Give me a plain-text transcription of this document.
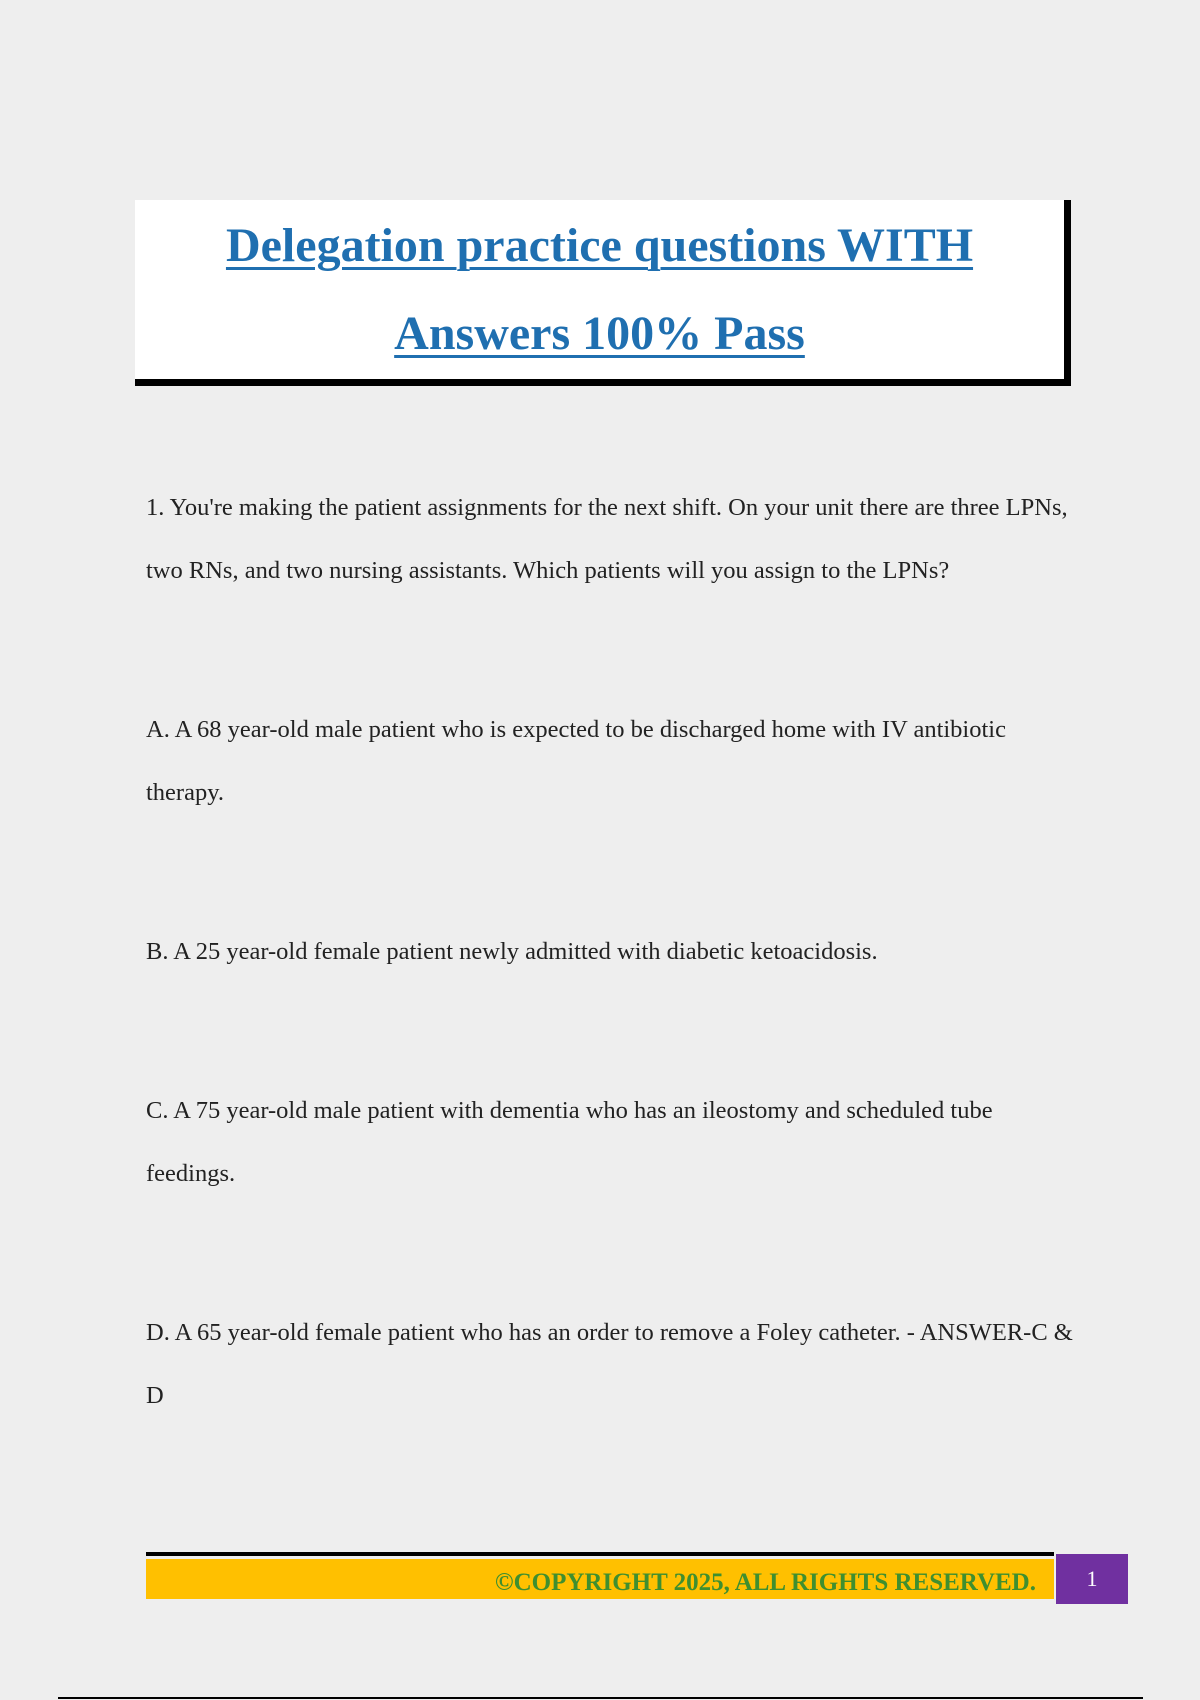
Delegation practice questions WITH
Answers 100% Pass

1. You're making the patient assignments for the next shift. On your unit there are three LPNs, two RNs, and two nursing assistants. Which patients will you assign to the LPNs?

A. A 68 year-old male patient who is expected to be discharged home with IV antibiotic therapy.

B. A 25 year-old female patient newly admitted with diabetic ketoacidosis.

C. A 75 year-old male patient with dementia who has an ileostomy and scheduled tube feedings.

D. A 65 year-old female patient who has an order to remove a Foley catheter. - ANSWER-C & D

©COPYRIGHT 2025, ALL RIGHTS RESERVED.	1
